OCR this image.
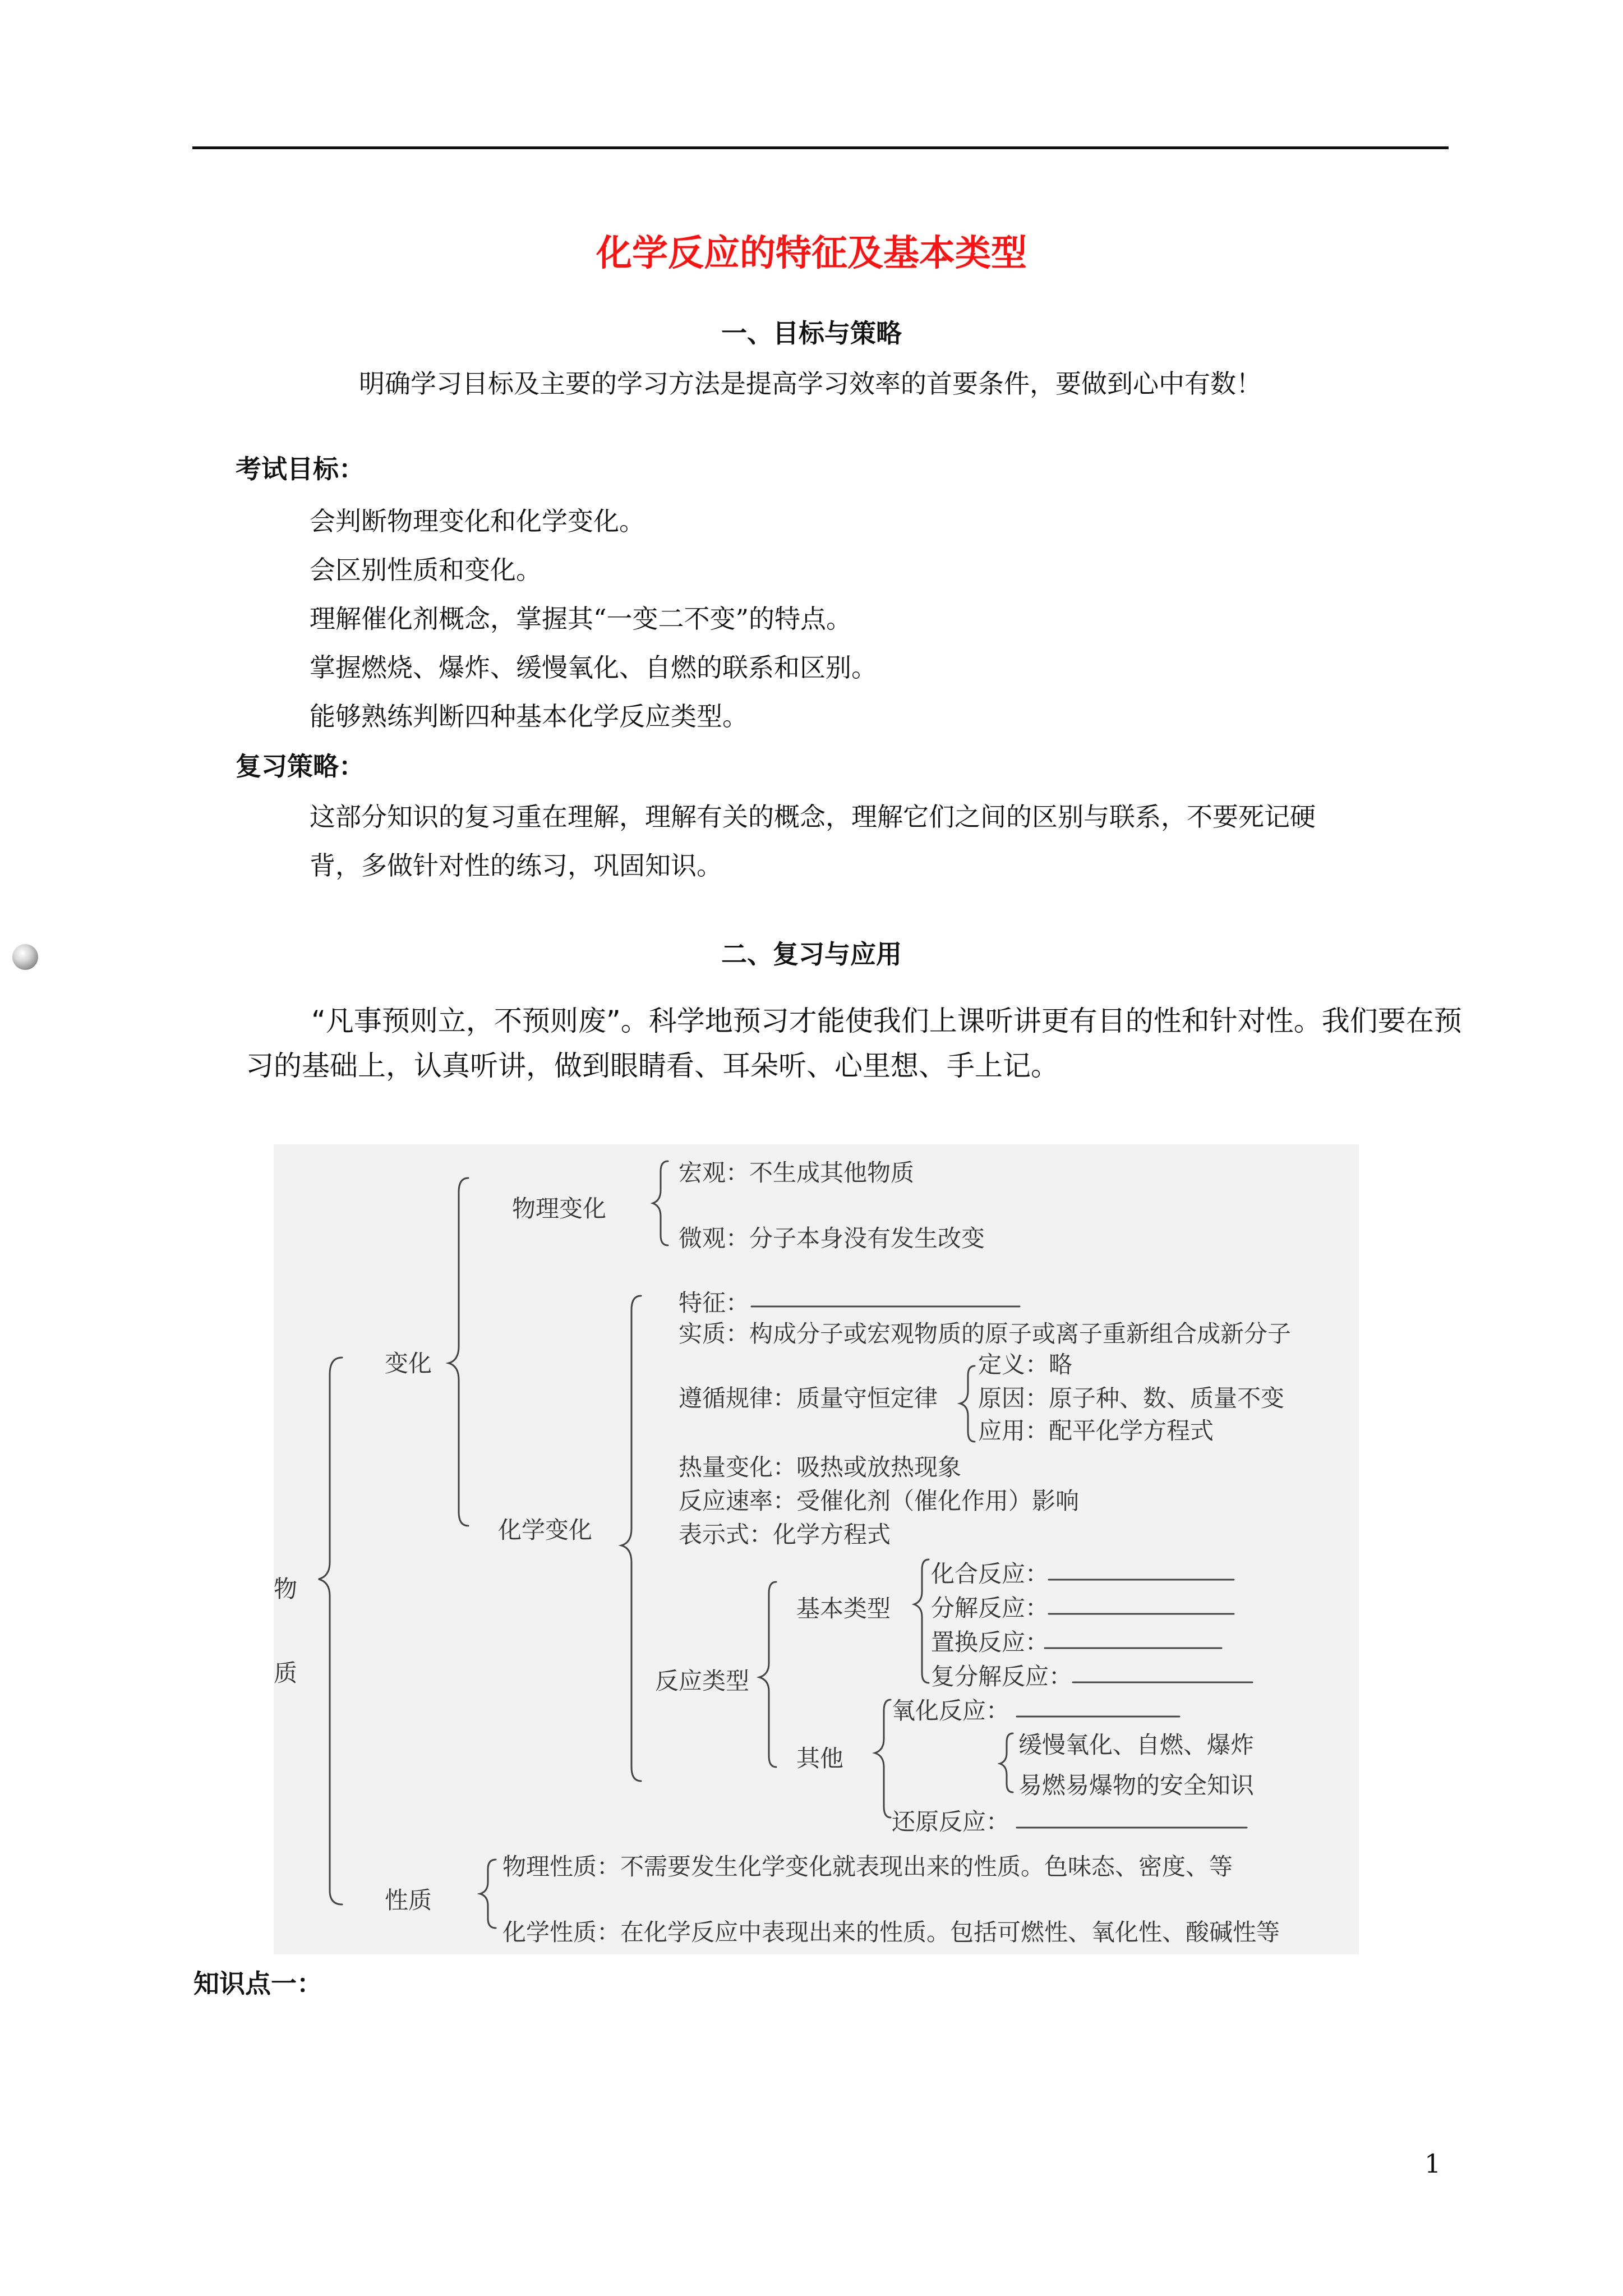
化学反应的特征及基本类型
一、目标与策略
明确学习目标及主要的学习方法是提高学习效率的首要条件，要做到心中有数！
考试目标：
会判断物理变化和化学变化。
会区别性质和变化。
理解催化剂概念，掌握其“一变二不变”的特点。
掌握燃烧、爆炸、缓慢氧化、自燃的联系和区别。
能够熟练判断四种基本化学反应类型。
复习策略：
这部分知识的复习重在理解，理解有关的概念，理解它们之间的区别与联系，不要死记硬
背，多做针对性的练习，巩固知识。
二、复习与应用
“凡事预则立，不预则废”。科学地预习才能使我们上课听讲更有目的性和针对性。我们要在预
习的基础上，认真听讲，做到眼睛看、耳朵听、心里想、手上记。
物
质
变化
物理变化
宏观：不生成其他物质
微观：分子本身没有发生改变
化学变化
特征：
实质：构成分子或宏观物质的原子或离子重新组合成新分子
遵循规律：质量守恒定律
定义：略
原因：原子种、数、质量不变
应用：配平化学方程式
热量变化：吸热或放热现象
反应速率：受催化剂（催化作用）影响
表示式：化学方程式
反应类型
基本类型
化合反应：
分解反应：
置换反应：
复分解反应：
其他
氧化反应：
缓慢氧化、自燃、爆炸
易燃易爆物的安全知识
还原反应：
性质
物理性质：不需要发生化学变化就表现出来的性质。色味态、密度、等
化学性质：在化学反应中表现出来的性质。包括可燃性、氧化性、酸碱性等
知识点一：
1
